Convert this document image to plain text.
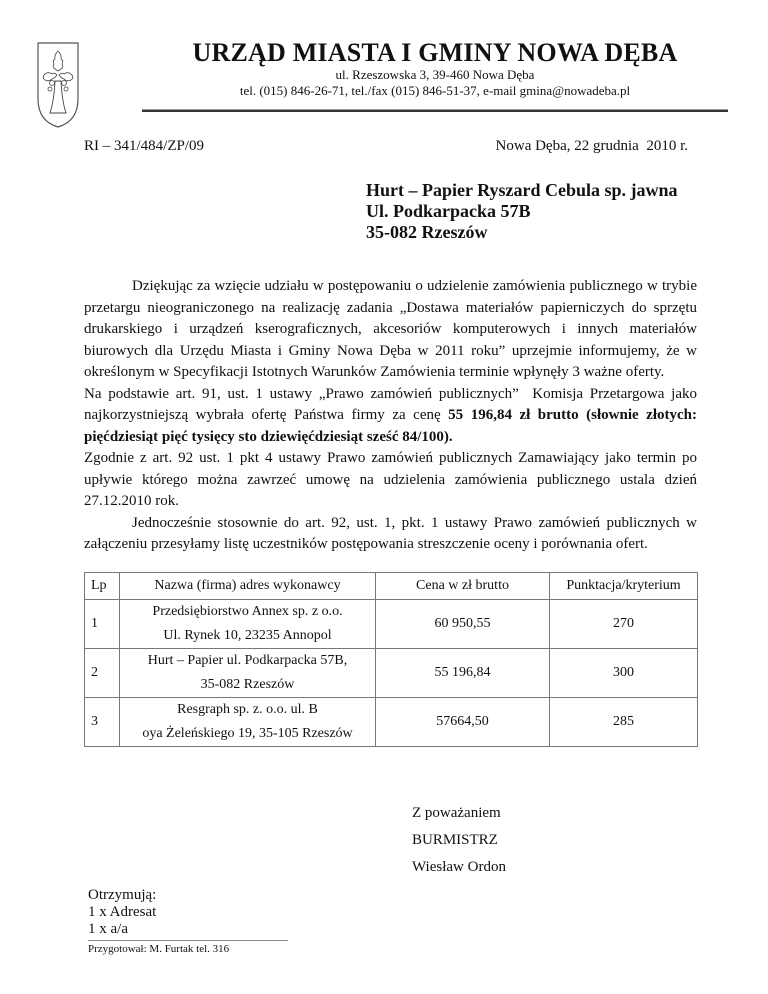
URZĄD MIASTA I GMINY NOWA DĘBA
ul. Rzeszowska 3, 39-460 Nowa Dęba
tel. (015) 846-26-71, tel./fax (015) 846-51-37, e-mail gmina@nowadeba.pl
RI – 341/484/ZP/09	Nowa Dęba, 22 grudnia  2010 r.
Hurt – Papier Ryszard Cebula sp. jawna
Ul. Podkarpacka 57B
35-082 Rzeszów

Dziękując za wzięcie udziału w postępowaniu o udzielenie zamówienia publicznego w trybie przetargu nieograniczonego na realizację zadania „Dostawa materiałów papierniczych do sprzętu drukarskiego i urządzeń kserograficznych, akcesoriów komputerowych i innych materiałów biurowych dla Urzędu Miasta i Gminy Nowa Dęba w 2011 roku” uprzejmie informujemy, że w określonym w Specyfikacji Istotnych Warunków Zamówienia terminie wpłynęły 3 ważne oferty.

Na podstawie art. 91, ust. 1 ustawy „Prawo zamówień publicznych”  Komisja Przetargowa jako najkorzystniejszą wybrała ofertę Państwa firmy za cenę 55 196,84 zł brutto (słownie złotych: pięćdziesiąt pięć tysięcy sto dziewięćdziesiąt sześć 84/100).

Zgodnie z art. 92 ust. 1 pkt 4 ustawy Prawo zamówień publicznych Zamawiający jako termin po upływie którego można zawrzeć umowę na udzielenia zamówienia publicznego ustala dzień 27.12.2010 rok.

Jednocześnie stosownie do art. 92, ust. 1, pkt. 1 ustawy Prawo zamówień publicznych w załączeniu przesyłamy listę uczestników postępowania streszczenie oceny i porównania ofert.

Lp	Nazwa (firma) adres wykonawcy	Cena w zł brutto	Punktacja/kryterium
1	Przedsiębiorstwo Annex sp. z o.o.
Ul. Rynek 10, 23235 Annopol	60 950,55	270
2	Hurt – Papier ul. Podkarpacka 57B,
35-082 Rzeszów	55 196,84	300
3	Resgraph sp. z. o.o. ul. B
oya Żeleńskiego 19, 35-105 Rzeszów	57664,50	285
Z poważaniem
BURMISTRZ
Wiesław Ordon
Otrzymują:
1 x Adresat
1 x a/a
Przygotował: M. Furtak tel. 316
